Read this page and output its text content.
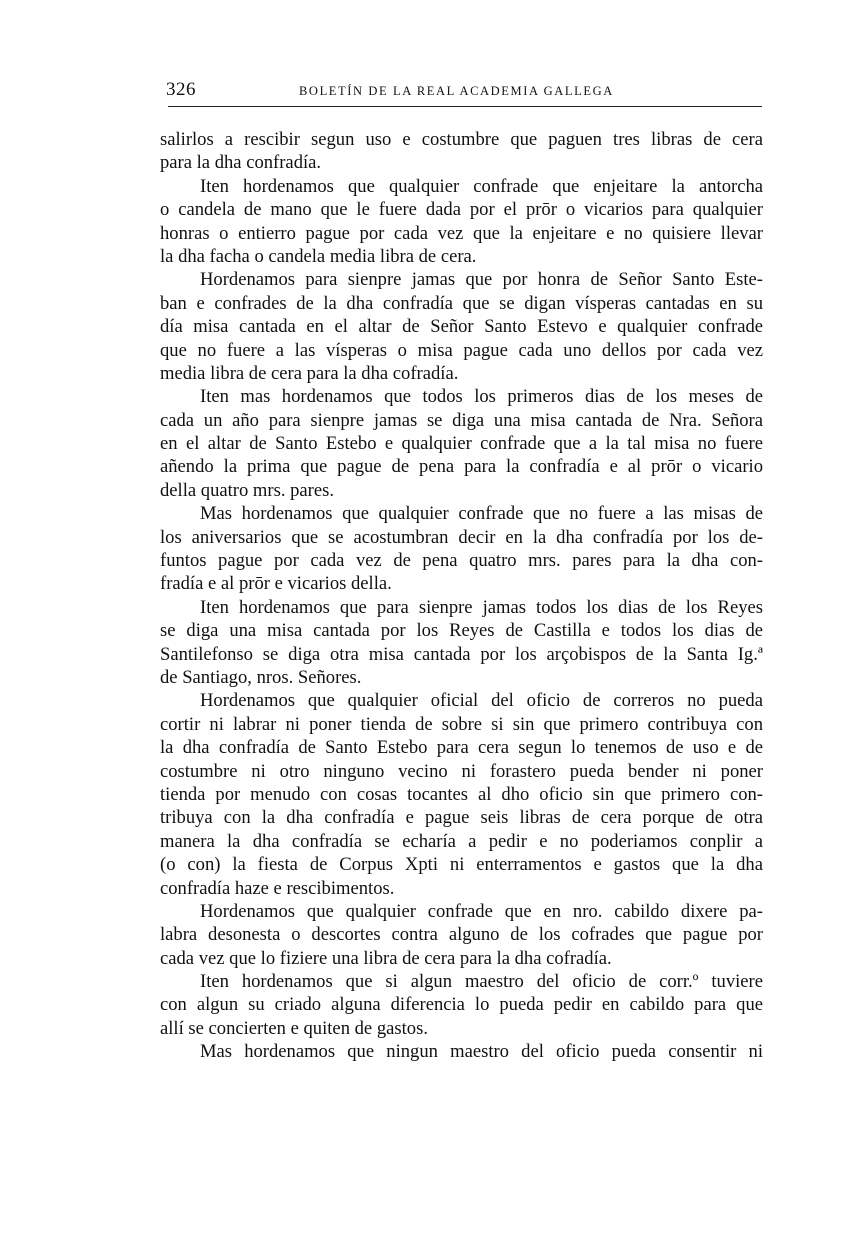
326	BOLETÍN DE LA REAL ACADEMIA GALLEGA
salirlos a rescibir segun uso e costumbre que paguen tres libras de cera
para la dha confradía.
Iten hordenamos que qualquier confrade que enjeitare la antorcha
o candela de mano que le fuere dada por el prōr o vicarios para qualquier
honras o entierro pague por cada vez que la enjeitare e no quisiere llevar
la dha facha o candela media libra de cera.
Hordenamos para sienpre jamas que por honra de Señor Santo Este-
ban e confrades de la dha confradía que se digan vísperas cantadas en su
día misa cantada en el altar de Señor Santo Estevo e qualquier confrade
que no fuere a las vísperas o misa pague cada uno dellos por cada vez
media libra de cera para la dha cofradía.
Iten mas hordenamos que todos los primeros dias de los meses de
cada un año para sienpre jamas se diga una misa cantada de Nra. Señora
en el altar de Santo Estebo e qualquier confrade que a la tal misa no fuere
añendo la prima que pague de pena para la confradía e al prōr o vicario
della quatro mrs. pares.
Mas hordenamos que qualquier confrade que no fuere a las misas de
los aniversarios que se acostumbran decir en la dha confradía por los de-
funtos pague por cada vez de pena quatro mrs. pares para la dha con-
fradía e al prōr e vicarios della.
Iten hordenamos que para sienpre jamas todos los dias de los Reyes
se diga una misa cantada por los Reyes de Castilla e todos los dias de
Santilefonso se diga otra misa cantada por los arçobispos de la Santa Ig.ª
de Santiago, nros. Señores.
Hordenamos que qualquier oficial del oficio de correros no pueda
cortir ni labrar ni poner tienda de sobre si sin que primero contribuya con
la dha confradía de Santo Estebo para cera segun lo tenemos de uso e de
costumbre ni otro ninguno vecino ni forastero pueda bender ni poner
tienda por menudo con cosas tocantes al dho oficio sin que primero con-
tribuya con la dha confradía e pague seis libras de cera porque de otra
manera la dha confradía se echaría a pedir e no poderiamos conplir a
(o con) la fiesta de Corpus Xpti ni enterramentos e gastos que la dha
confradía haze e rescibimentos.
Hordenamos que qualquier confrade que en nro. cabildo dixere pa-
labra desonesta o descortes contra alguno de los cofrades que pague por
cada vez que lo fiziere una libra de cera para la dha cofradía.
Iten hordenamos que si algun maestro del oficio de corr.º tuviere
con algun su criado alguna diferencia lo pueda pedir en cabildo para que
allí se concierten e quiten de gastos.
Mas hordenamos que ningun maestro del oficio pueda consentir ni
